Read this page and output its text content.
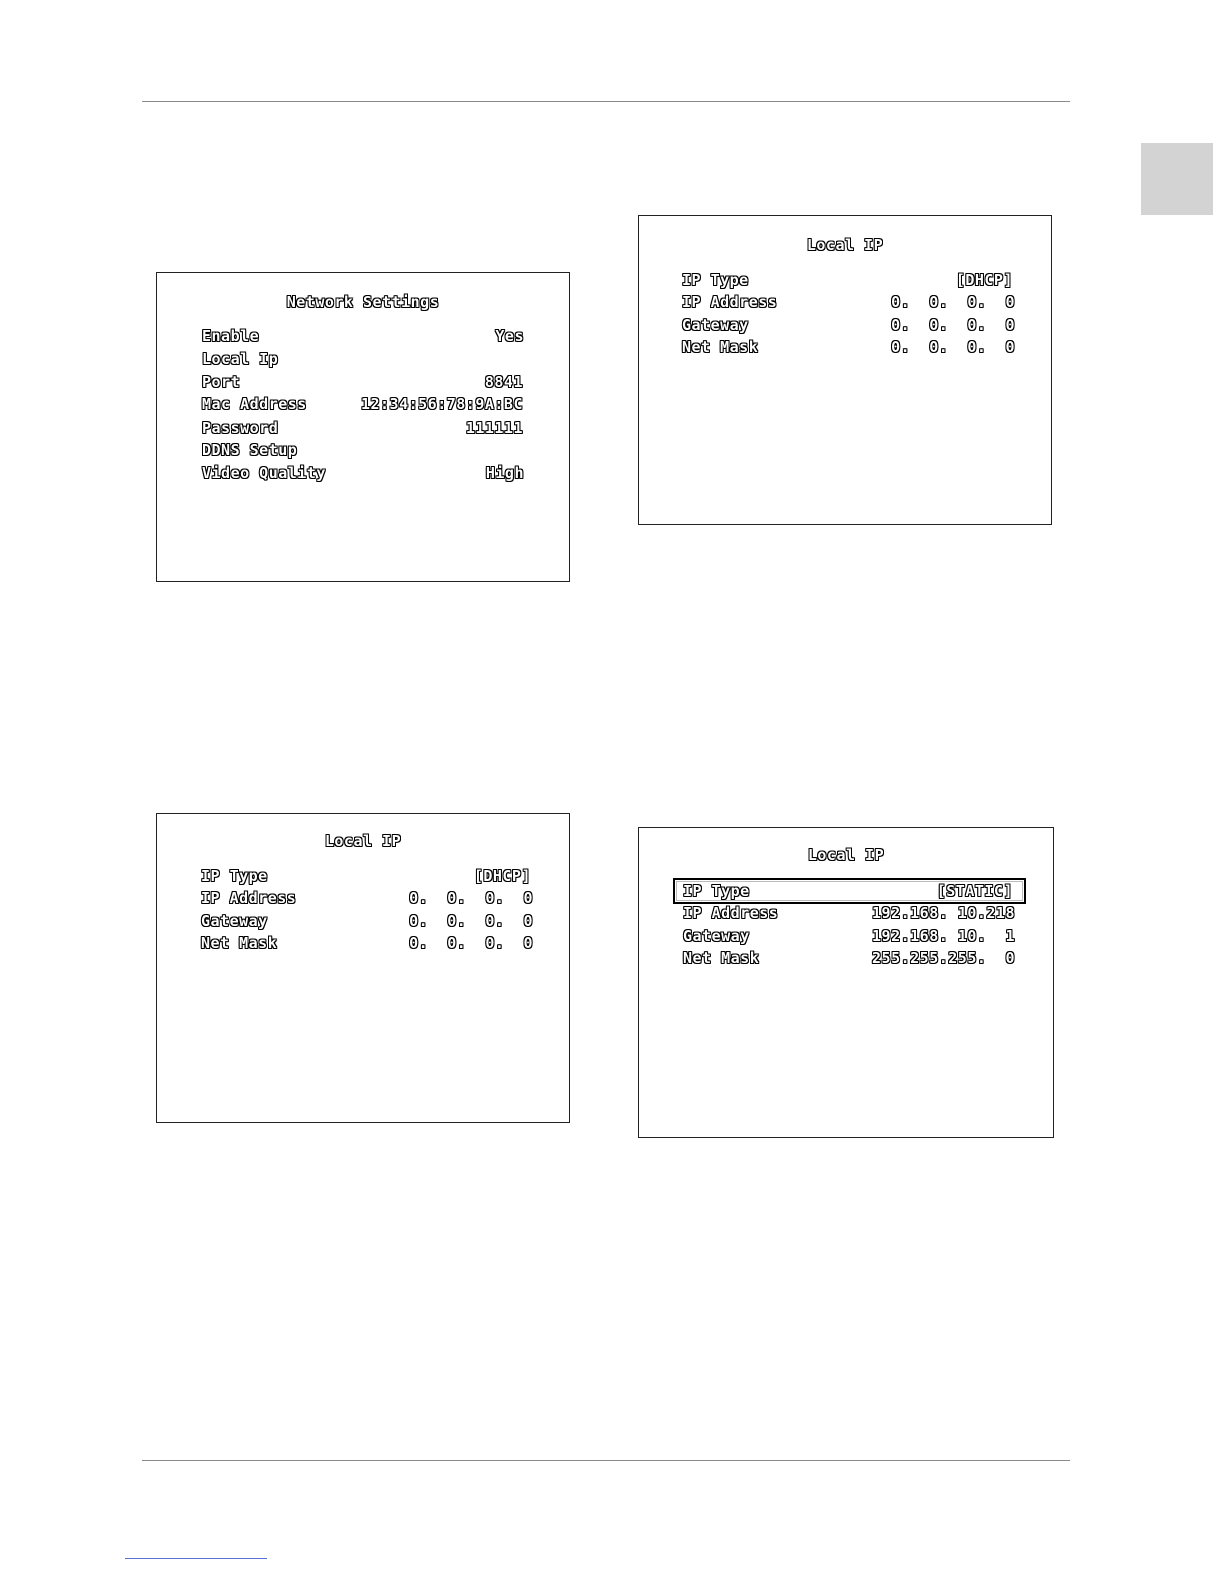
Network Settings
Enable	Yes
Local Ip
Port	8841
Mac Address	12:34:56:78:9A:BC
Password	111111
DDNS Setup
Video Quality	High
Local IP
IP Type	[DHCP]
IP Address	0.  0.  0.  0
Gateway	0.  0.  0.  0
Net Mask	0.  0.  0.  0
Local IP
IP Type	[DHCP]
IP Address	0.  0.  0.  0
Gateway	0.  0.  0.  0
Net Mask	0.  0.  0.  0
Local IP
IP Type	[STATIC]
IP Address	192.168. 10.218
Gateway	192.168. 10.  1
Net Mask	255.255.255.  0
